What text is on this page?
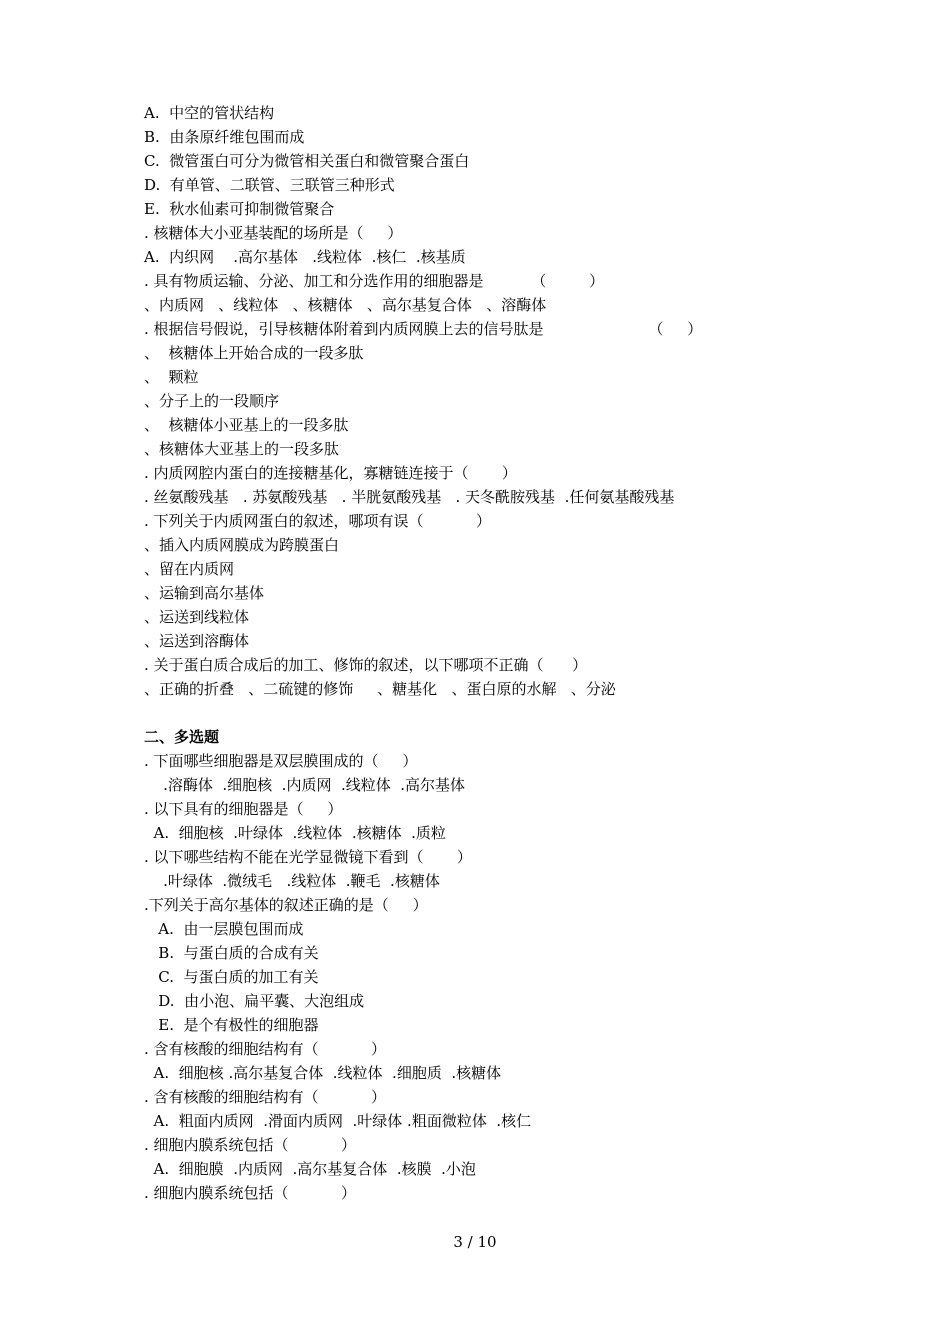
A.  中空的管状结构
B.  由条原纤维包围而成
C.  微管蛋白可分为微管相关蛋白和微管聚合蛋白
D.  有单管、二联管、三联管三种形式
E.  秋水仙素可抑制微管聚合
. 核糖体大小亚基装配的场所是（     ）
A.  内织网    .高尔基体   .线粒体  .核仁  .核基质
. 具有物质运输、分泌、加工和分选作用的细胞器是          （         ）
、内质网   、线粒体   、核糖体   、高尔基复合体   、溶酶体
. 根据信号假说，引导核糖体附着到内质网膜上去的信号肽是                      （     ）
、  核糖体上开始合成的一段多肽
、  颗粒
、分子上的一段顺序
、  核糖体小亚基上的一段多肽
、核糖体大亚基上的一段多肽
. 内质网腔内蛋白的连接糖基化，寡糖链连接于（       ）
. 丝氨酸残基   . 苏氨酸残基   . 半胱氨酸残基   . 天冬酰胺残基  .任何氨基酸残基
. 下列关于内质网蛋白的叙述，哪项有误（           ）
、插入内质网膜成为跨膜蛋白
、留在内质网
、运输到高尔基体
、运送到线粒体
、运送到溶酶体
. 关于蛋白质合成后的加工、修饰的叙述，以下哪项不正确（      ）
、正确的折叠   、二硫键的修饰     、糖基化   、蛋白原的水解   、分泌
二、多选题
. 下面哪些细胞器是双层膜围成的（     ）
.溶酶体  .细胞核  .内质网  .线粒体  .高尔基体
. 以下具有的细胞器是（     ）
A.  细胞核  .叶绿体  .线粒体  .核糖体  .质粒
. 以下哪些结构不能在光学显微镜下看到（       ）
.叶绿体  .微绒毛   .线粒体  .鞭毛  .核糖体
.下列关于高尔基体的叙述正确的是（     ）
A.  由一层膜包围而成
B.  与蛋白质的合成有关
C.  与蛋白质的加工有关
D.  由小泡、扁平囊、大泡组成
E.  是个有极性的细胞器
. 含有核酸的细胞结构有（           ）
A.  细胞核 .高尔基复合体  .线粒体  .细胞质  .核糖体
. 含有核酸的细胞结构有（           ）
A.  粗面内质网  .滑面内质网  .叶绿体 .粗面微粒体  .核仁
. 细胞内膜系统包括（           ）
A.  细胞膜  .内质网  .高尔基复合体  .核膜  .小泡
. 细胞内膜系统包括（           ）
3 / 10
